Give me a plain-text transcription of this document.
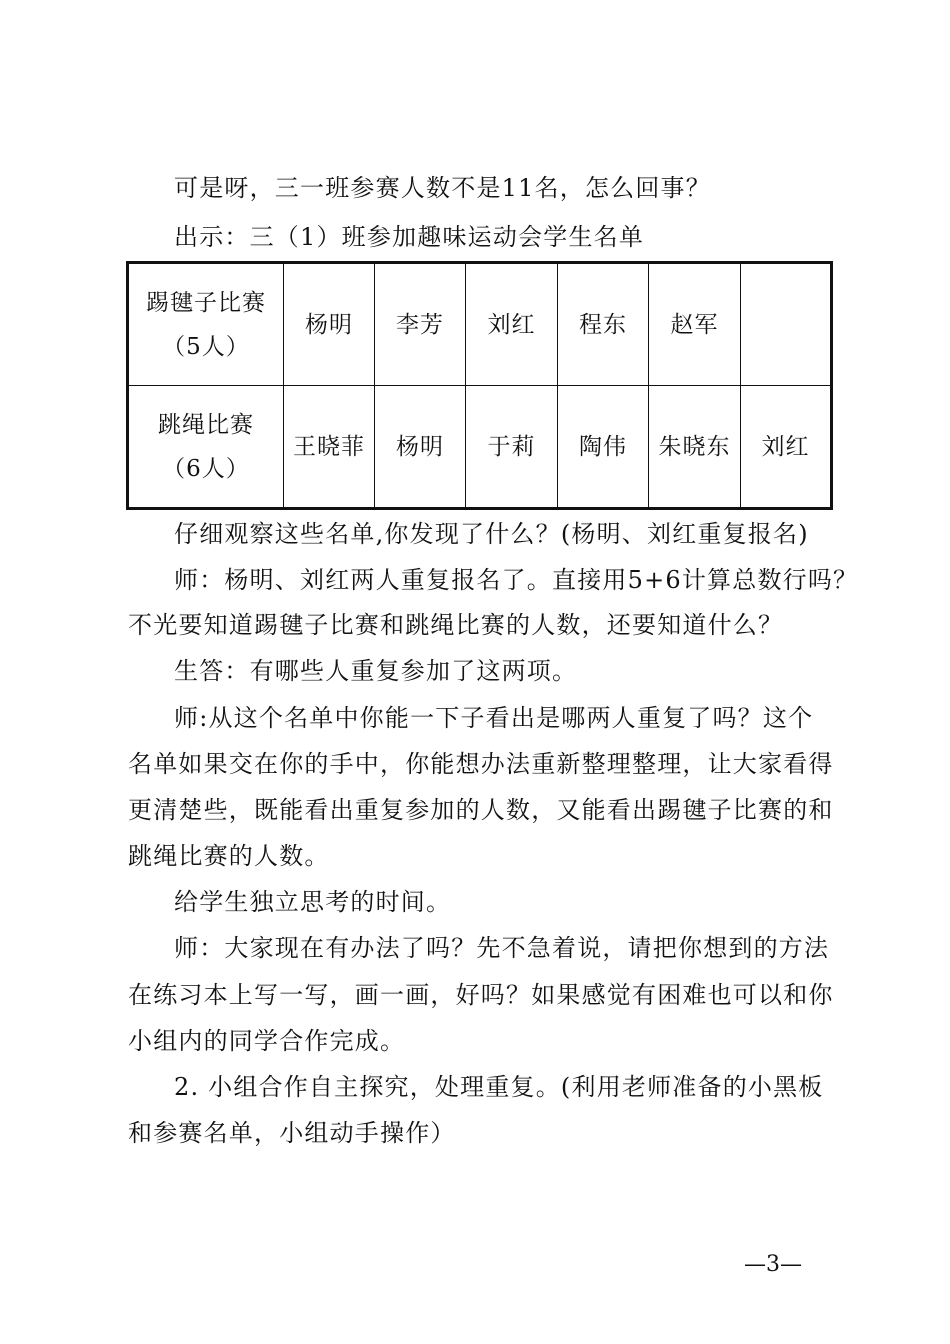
可是呀，三一班参赛人数不是11名，怎么回事？
出示：三（1）班参加趣味运动会学生名单
踢毽子比赛
（5人）	杨明	李芳	刘红	程东	赵军	

跳绳比赛
（6人）	王晓菲	杨明	于莉	陶伟	朱晓东	刘红
仔细观察这些名单,你发现了什么？(杨明、刘红重复报名)
师：杨明、刘红两人重复报名了。直接用5+6计算总数行吗？
不光要知道踢毽子比赛和跳绳比赛的人数，还要知道什么？
生答：有哪些人重复参加了这两项。
师:从这个名单中你能一下子看出是哪两人重复了吗？这个
名单如果交在你的手中，你能想办法重新整理整理，让大家看得
更清楚些，既能看出重复参加的人数，又能看出踢毽子比赛的和
跳绳比赛的人数。
给学生独立思考的时间。
师：大家现在有办法了吗？先不急着说，请把你想到的方法
在练习本上写一写，画一画，好吗？如果感觉有困难也可以和你
小组内的同学合作完成。
2. 小组合作自主探究，处理重复。(利用老师准备的小黑板
和参赛名单，小组动手操作）
—3—
